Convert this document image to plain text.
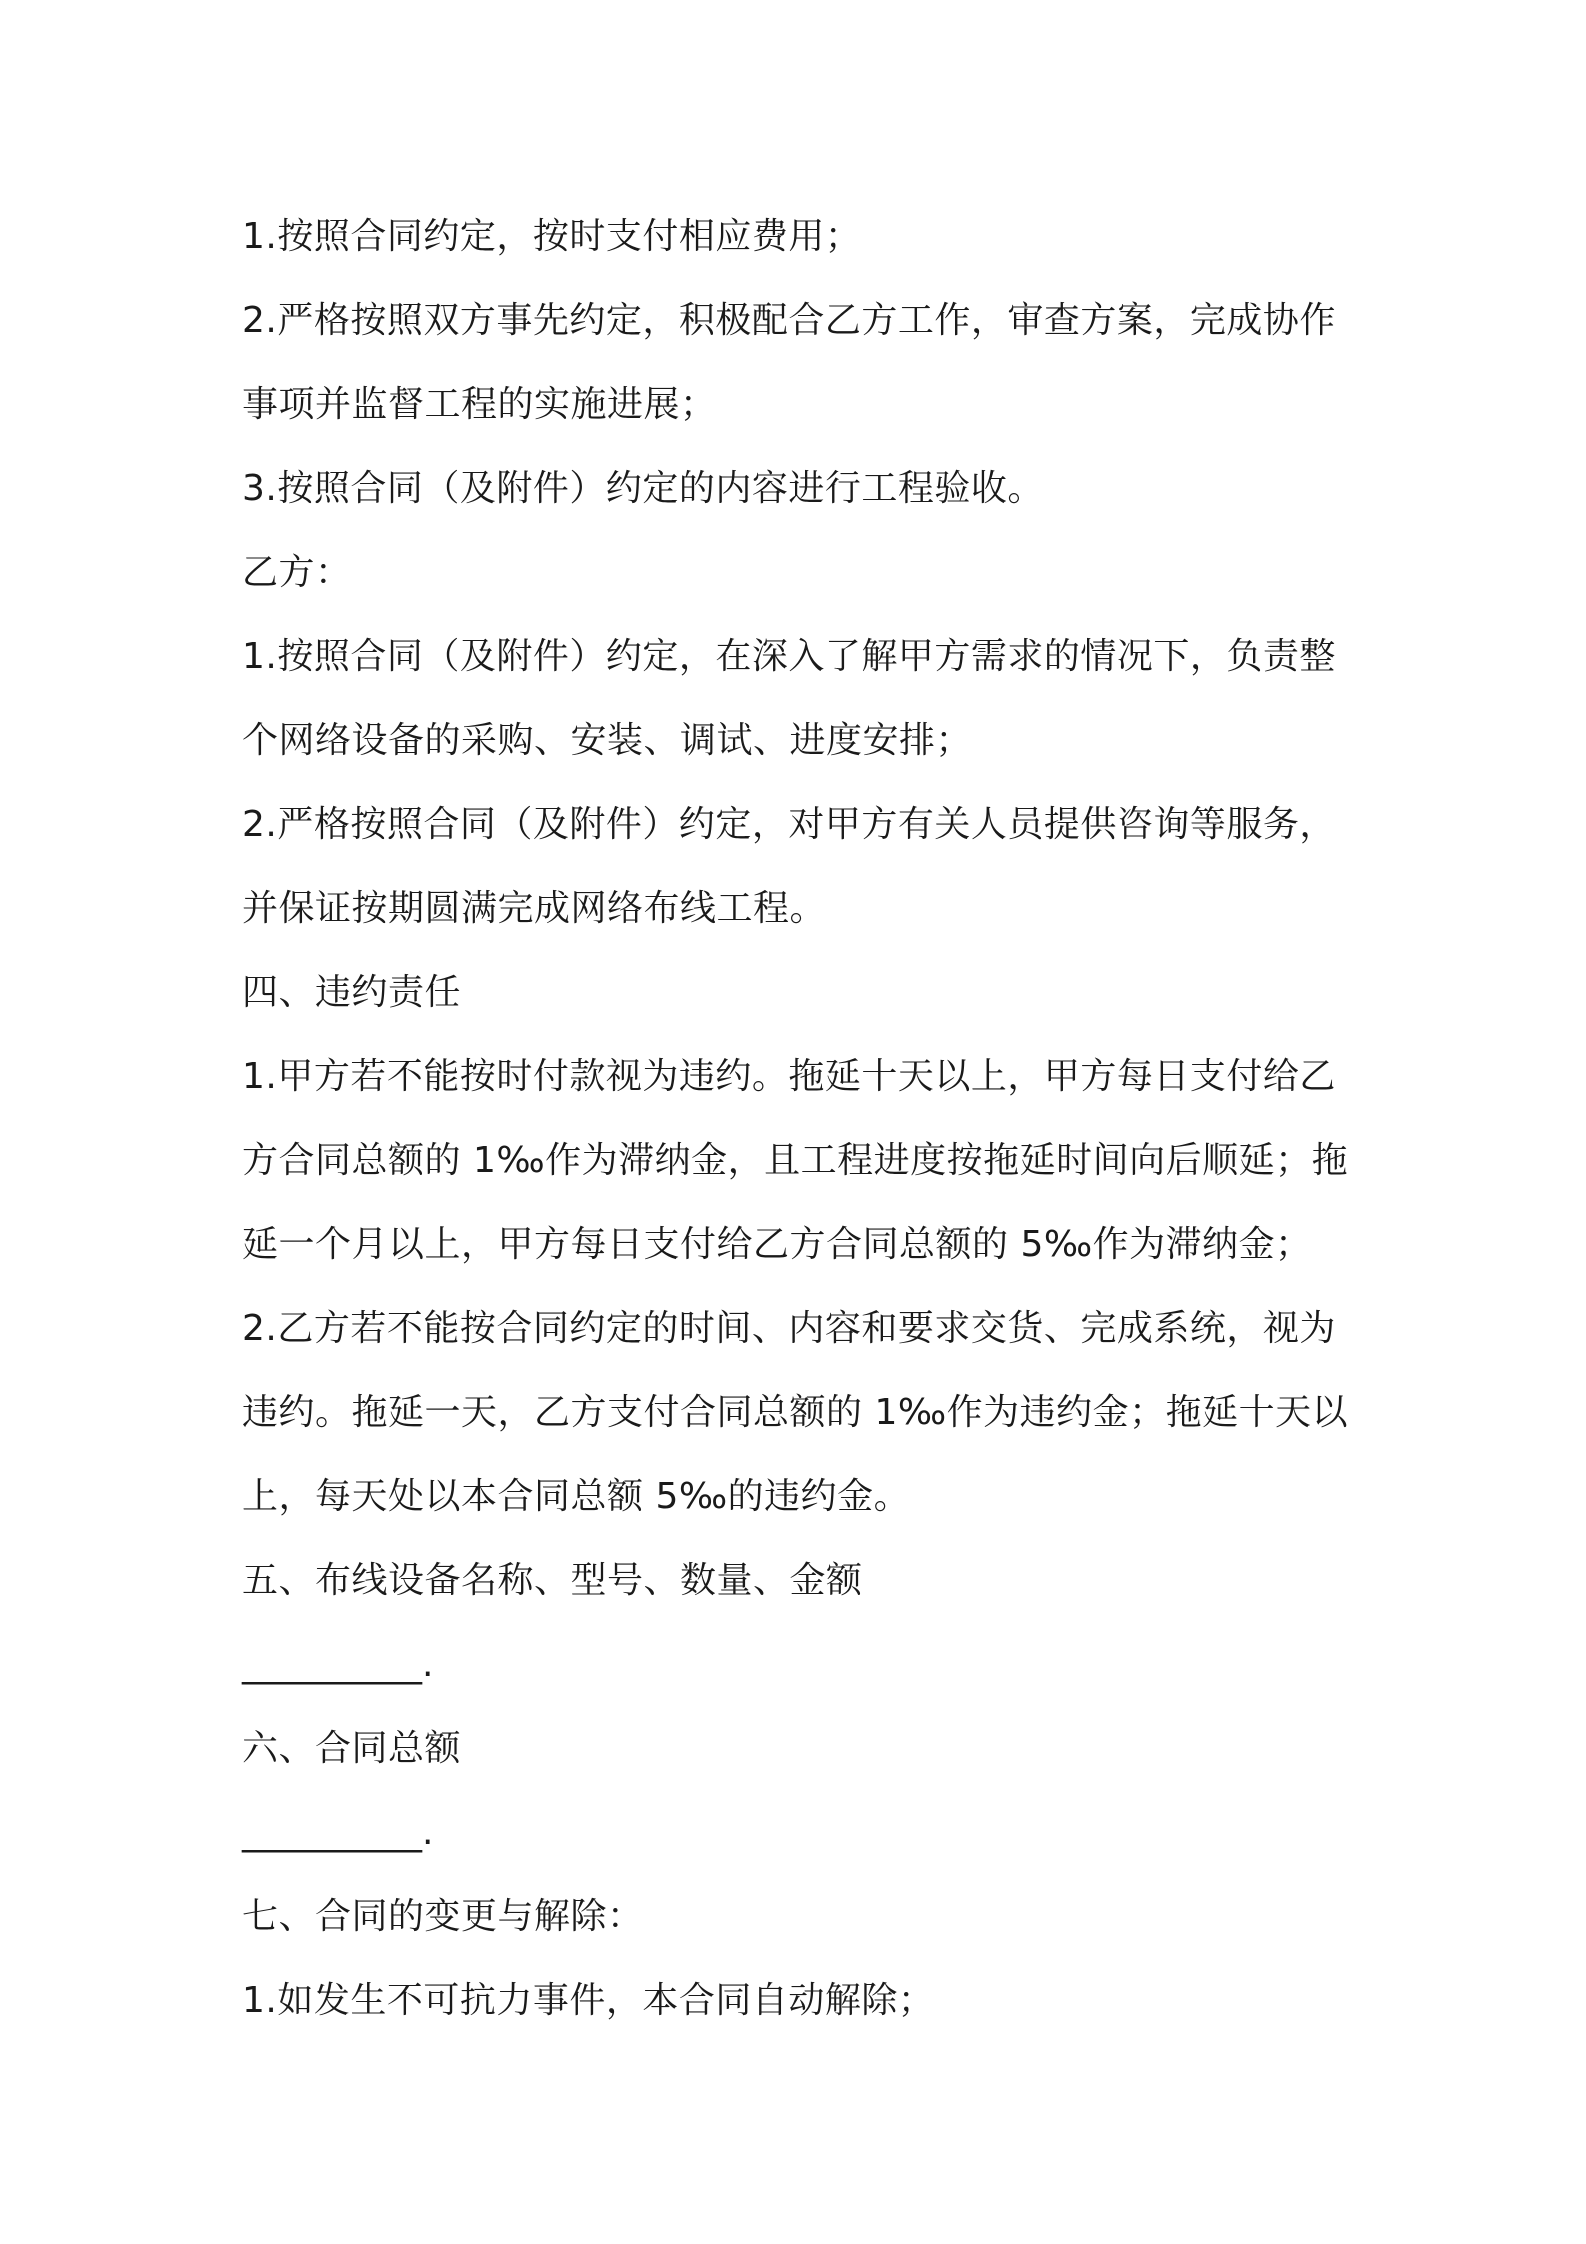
1.按照合同约定，按时支付相应费用；
2.严格按照双方事先约定，积极配合乙方工作，审查方案，完成协作
事项并监督工程的实施进展；
3.按照合同（及附件）约定的内容进行工程验收。
乙方：
1.按照合同（及附件）约定，在深入了解甲方需求的情况下，负责整
个网络设备的采购、安装、调试、进度安排；
2.严格按照合同（及附件）约定，对甲方有关人员提供咨询等服务，
并保证按期圆满完成网络布线工程。
四、违约责任
1.甲方若不能按时付款视为违约。拖延十天以上，甲方每日支付给乙
方合同总额的 1‰作为滞纳金，且工程进度按拖延时间向后顺延；拖
延一个月以上，甲方每日支付给乙方合同总额的 5‰作为滞纳金；
2.乙方若不能按合同约定的时间、内容和要求交货、完成系统，视为
违约。拖延一天，乙方支付合同总额的 1‰作为违约金；拖延十天以
上，每天处以本合同总额 5‰的违约金。
五、布线设备名称、型号、数量、金额
__________.
六、合同总额
__________.
七、合同的变更与解除：
1.如发生不可抗力事件，本合同自动解除；
